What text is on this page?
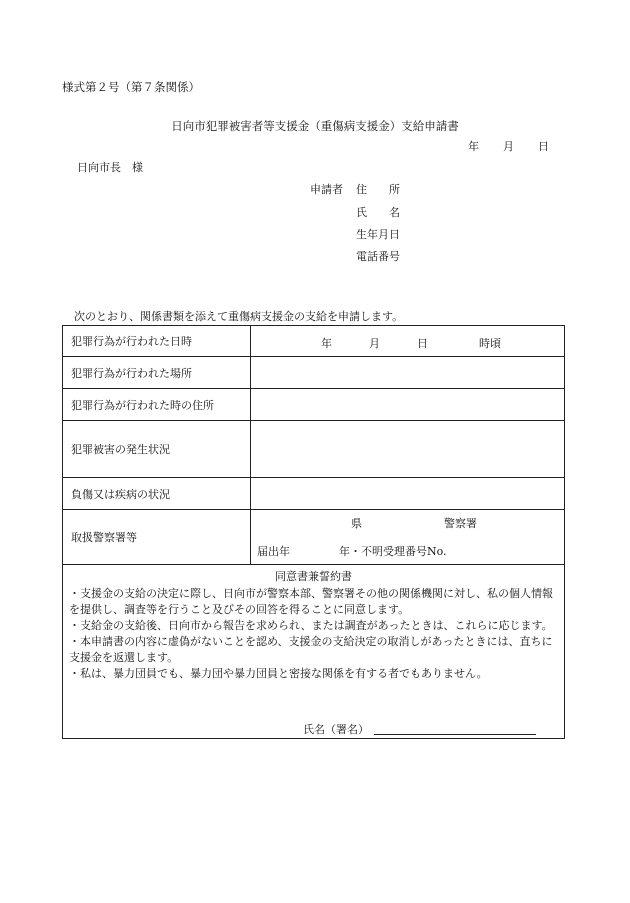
様式第２号（第７条関係）
日向市犯罪被害者等支援金（重傷病支援金）支給申請書
年 月 日
日向市長　様
申請者 住　　所
氏　　名
生年月日
電話番号
次のとおり、関係書類を添えて重傷病支援金の支給を申請します。
犯罪行為が行われた日時	年 月 日 時頃

犯罪行為が行われた場所	
犯罪行為が行われた時の住所	
犯罪被害の発生状況	
負傷又は疾病の状況	
取扱警察署等	県 警察署
届出年 年・不明受理番号No.
同意書兼誓約書

・支援金の支給の決定に際し、日向市が警察本部、警察署その他の関係機関に対し、私の個人情報を提供し、調査等を行うこと及びその回答を得ることに同意します。

・支給金の支給後、日向市から報告を求められ、または調査があったときは、これらに応じます。

・本申請書の内容に虚偽がないことを認め、支援金の支給決定の取消しがあったときには、直ちに支援金を返還します。

・私は、暴力団員でも、暴力団や暴力団員と密接な関係を有する者でもありません。

氏名（署名）
